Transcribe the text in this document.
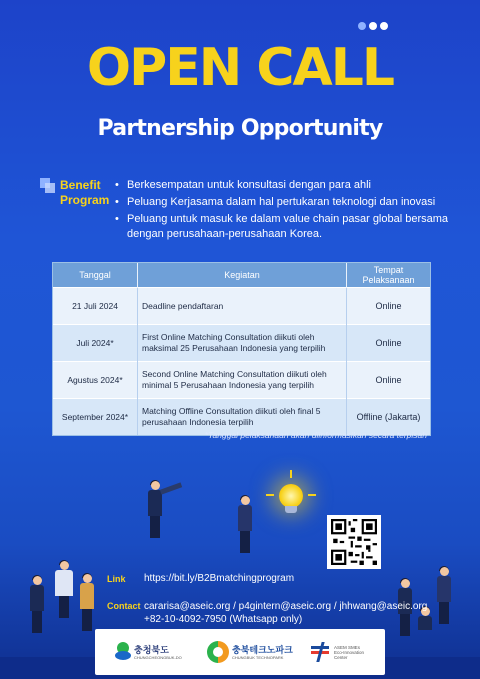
OPEN CALL
Partnership Opportunity
Benefit Program
• Berkesempatan untuk konsultasi dengan para ahli
• Peluang Kerjasama dalam hal pertukaran teknologi dan inovasi
• Peluang untuk masuk ke dalam value chain pasar global bersama dengan perusahaan-perusahaan Korea.
Tanggal	Kegiatan	Tempat Pelaksanaan
21 Juli 2024	Deadline pendaftaran	Online
Juli 2024*	First Online Matching Consultation diikuti oleh maksimal 25 Perusahaan Indonesia yang terpilih	Online
Agustus 2024*	Second Online Matching Consultation diikuti oleh minimal 5 Perusahaan Indonesia yang terpilih	Online
September 2024*	Matching Offline Consultation diikuti oleh final 5 perusahaan Indonesia terpilih	Offline (Jakarta)
*Tanggal pelaksanaan akan diinformasikan secara terpisah
Link https://bit.ly/B2Bmatchingprogram
Contact cararisa@aseic.org / p4gintern@aseic.org / jhhwang@aseic.org
+82-10-4092-7950 (Whatsapp only)
충청북도
CHUNGCHEONGBUK-DO
충북테크노파크
CHUNGBUK TECHNOPARK
ASEM SMEs Eco-Innovation Center
